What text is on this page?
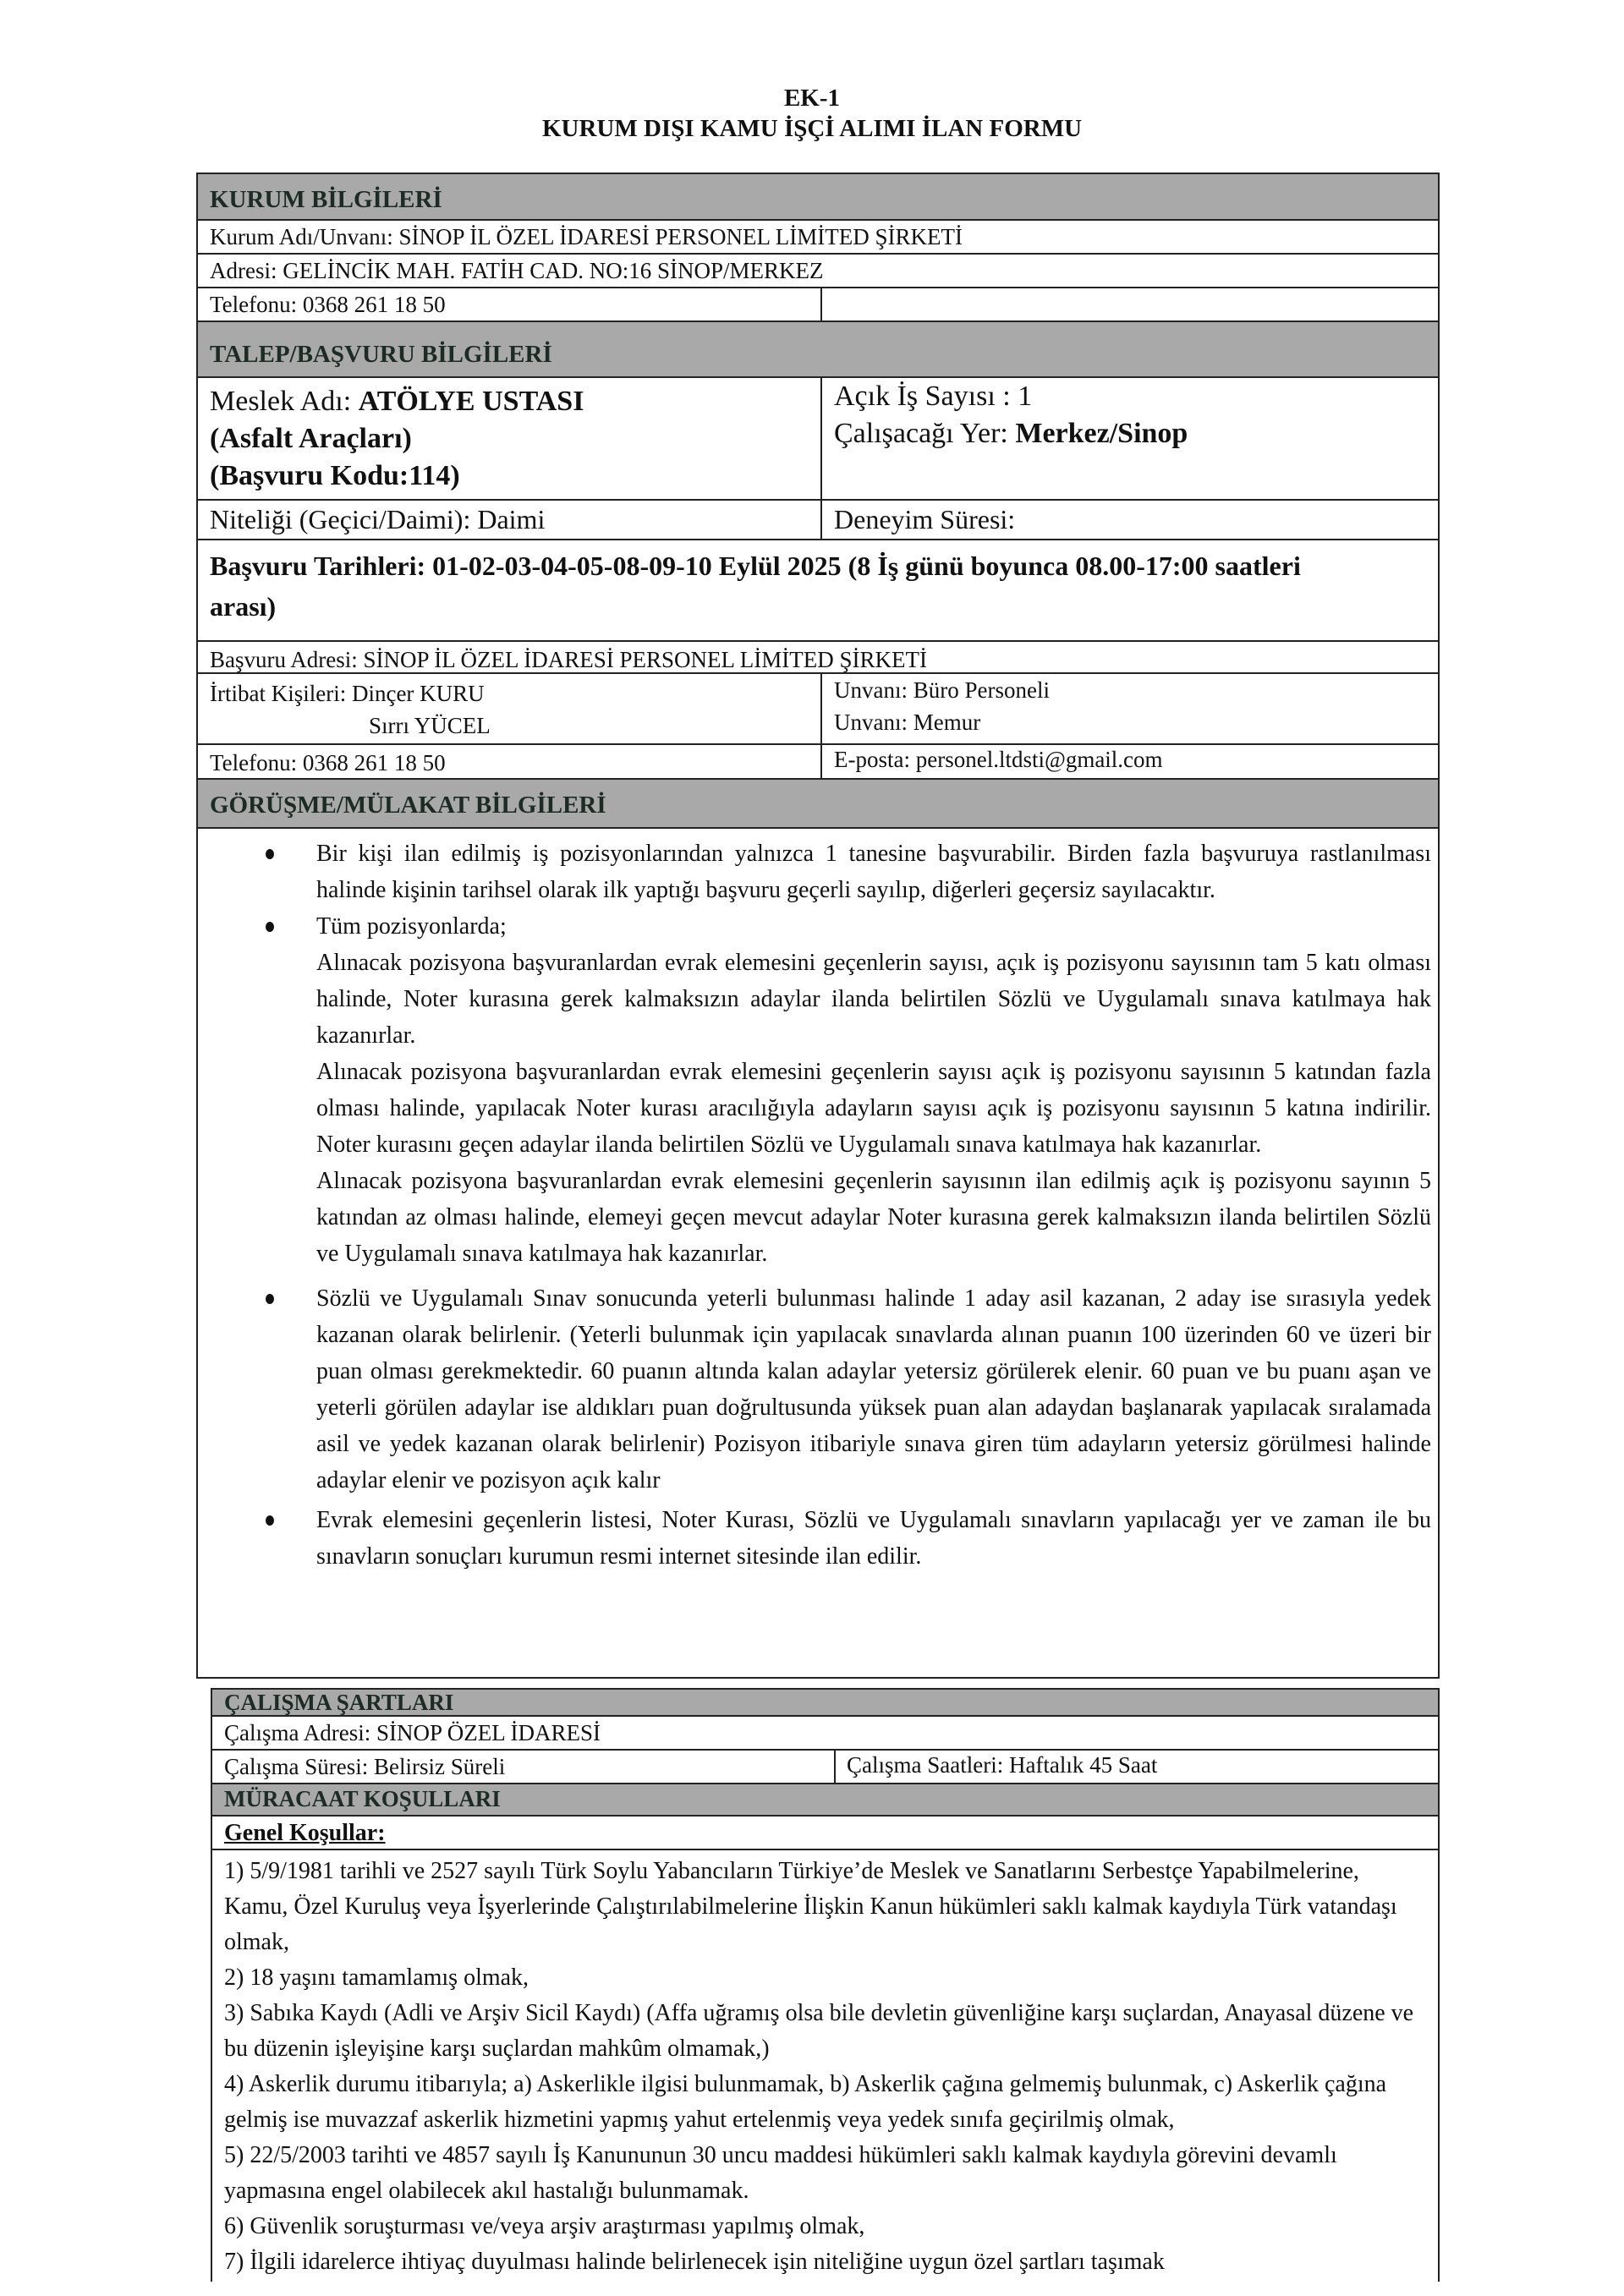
EK-1
KURUM DIŞI KAMU İŞÇİ ALIMI İLAN FORMU
KURUM BİLGİLERİ
Kurum Adı/Unvanı: SİNOP İL ÖZEL İDARESİ PERSONEL LİMİTED ŞİRKETİ
Adresi: GELİNCİK MAH. FATİH CAD. NO:16 SİNOP/MERKEZ
Telefonu: 0368 261 18 50
TALEP/BAŞVURU BİLGİLERİ
Meslek Adı: ATÖLYE USTASI
(Asfalt Araçları)
(Başvuru Kodu:114)
Açık İş Sayısı : 1
Çalışacağı Yer: Merkez/Sinop
Niteliği (Geçici/Daimi): Daimi	Deneyim Süresi:
Başvuru Tarihleri: 01-02-03-04-05-08-09-10 Eylül 2025 (8 İş günü boyunca 08.00-17:00 saatleri arası)
Başvuru Adresi: SİNOP İL ÖZEL İDARESİ PERSONEL LİMİTED ŞİRKETİ
İrtibat Kişileri: Dinçer KURU
Sırrı YÜCEL
Unvanı: Büro Personeli
Unvanı: Memur
Telefonu: 0368 261 18 50	E-posta: personel.ltdsti@gmail.com
GÖRÜŞME/MÜLAKAT BİLGİLERİ
Bir kişi ilan edilmiş iş pozisyonlarından yalnızca 1 tanesine başvurabilir. Birden fazla başvuruya rastlanılması halinde kişinin tarihsel olarak ilk yaptığı başvuru geçerli sayılıp, diğerleri geçersiz sayılacaktır.
Tüm pozisyonlarda;
Alınacak pozisyona başvuranlardan evrak elemesini geçenlerin sayısı, açık iş pozisyonu sayısının tam 5 katı olması halinde, Noter kurasına gerek kalmaksızın adaylar ilanda belirtilen Sözlü ve Uygulamalı sınava katılmaya hak kazanırlar.
Alınacak pozisyona başvuranlardan evrak elemesini geçenlerin sayısı açık iş pozisyonu sayısının 5 katından fazla olması halinde, yapılacak Noter kurası aracılığıyla adayların sayısı açık iş pozisyonu sayısının 5 katına indirilir. Noter kurasını geçen adaylar ilanda belirtilen Sözlü ve Uygulamalı sınava katılmaya hak kazanırlar.
Alınacak pozisyona başvuranlardan evrak elemesini geçenlerin sayısının ilan edilmiş açık iş pozisyonu sayının 5 katından az olması halinde, elemeyi geçen mevcut adaylar Noter kurasına gerek kalmaksızın ilanda belirtilen Sözlü ve Uygulamalı sınava katılmaya hak kazanırlar.
Sözlü ve Uygulamalı Sınav sonucunda yeterli bulunması halinde 1 aday asil kazanan, 2 aday ise sırasıyla yedek kazanan olarak belirlenir. (Yeterli bulunmak için yapılacak sınavlarda alınan puanın 100 üzerinden 60 ve üzeri bir puan olması gerekmektedir. 60 puanın altında kalan adaylar yetersiz görülerek elenir. 60 puan ve bu puanı aşan ve yeterli görülen adaylar ise aldıkları puan doğrultusunda yüksek puan alan adaydan başlanarak yapılacak sıralamada asil ve yedek kazanan olarak belirlenir) Pozisyon itibariyle sınava giren tüm adayların yetersiz görülmesi halinde adaylar elenir ve pozisyon açık kalır
Evrak elemesini geçenlerin listesi, Noter Kurası, Sözlü ve Uygulamalı sınavların yapılacağı yer ve zaman ile bu sınavların sonuçları kurumun resmi internet sitesinde ilan edilir.
ÇALIŞMA ŞARTLARI
Çalışma Adresi: SİNOP ÖZEL İDARESİ
Çalışma Süresi: Belirsiz Süreli	Çalışma Saatleri: Haftalık 45 Saat
MÜRACAAT KOŞULLARI
Genel Koşullar:
1) 5/9/1981 tarihli ve 2527 sayılı Türk Soylu Yabancıların Türkiye’de Meslek ve Sanatlarını Serbestçe Yapabilmelerine, Kamu, Özel Kuruluş veya İşyerlerinde Çalıştırılabilmelerine İlişkin Kanun hükümleri saklı kalmak kaydıyla Türk vatandaşı olmak,
2) 18 yaşını tamamlamış olmak,
3) Sabıka Kaydı (Adli ve Arşiv Sicil Kaydı) (Affa uğramış olsa bile devletin güvenliğine karşı suçlardan, Anayasal düzene ve bu düzenin işleyişine karşı suçlardan mahkûm olmamak,)
4) Askerlik durumu itibarıyla; a) Askerlikle ilgisi bulunmamak, b) Askerlik çağına gelmemiş bulunmak, c) Askerlik çağına gelmiş ise muvazzaf askerlik hizmetini yapmış yahut ertelenmiş veya yedek sınıfa geçirilmiş olmak,
5) 22/5/2003 tarihti ve 4857 sayılı İş Kanununun 30 uncu maddesi hükümleri saklı kalmak kaydıyla görevini devamlı yapmasına engel olabilecek akıl hastalığı bulunmamak.
6) Güvenlik soruşturması ve/veya arşiv araştırması yapılmış olmak,
7) İlgili idarelerce ihtiyaç duyulması halinde belirlenecek işin niteliğine uygun özel şartları taşımak
